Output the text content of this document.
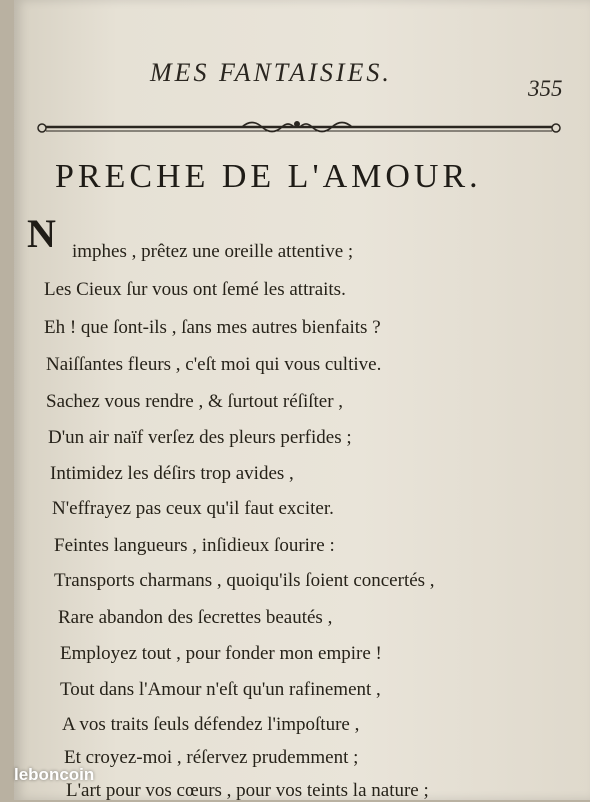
MES FANTAISIES.
355
PRECHE DE L'AMOUR.
N imphes , prêtez une oreille attentive ;
Les Cieux ſur vous ont ſemé les attraits.
Eh ! que ſont-ils , ſans mes autres bienfaits ?
Naiſſantes fleurs , c'eſt moi qui vous cultive.
Sachez vous rendre , & ſurtout réſiſter ,
D'un air naïf verſez des pleurs perfides ;
Intimidez les déſirs trop avides ,
N'effrayez pas ceux qu'il faut exciter.
Feintes langueurs , inſidieux ſourire :
Transports charmans , quoiqu'ils ſoient concertés ,
Rare abandon des ſecrettes beautés ,
Employez tout , pour fonder mon empire !
Tout dans l'Amour n'eſt qu'un rafinement ,
A vos traits ſeuls défendez l'impoſture ,
Et croyez-moi , réſervez prudemment ;
L'art pour vos cœurs , pour vos teints la nature ;
leboncoin
